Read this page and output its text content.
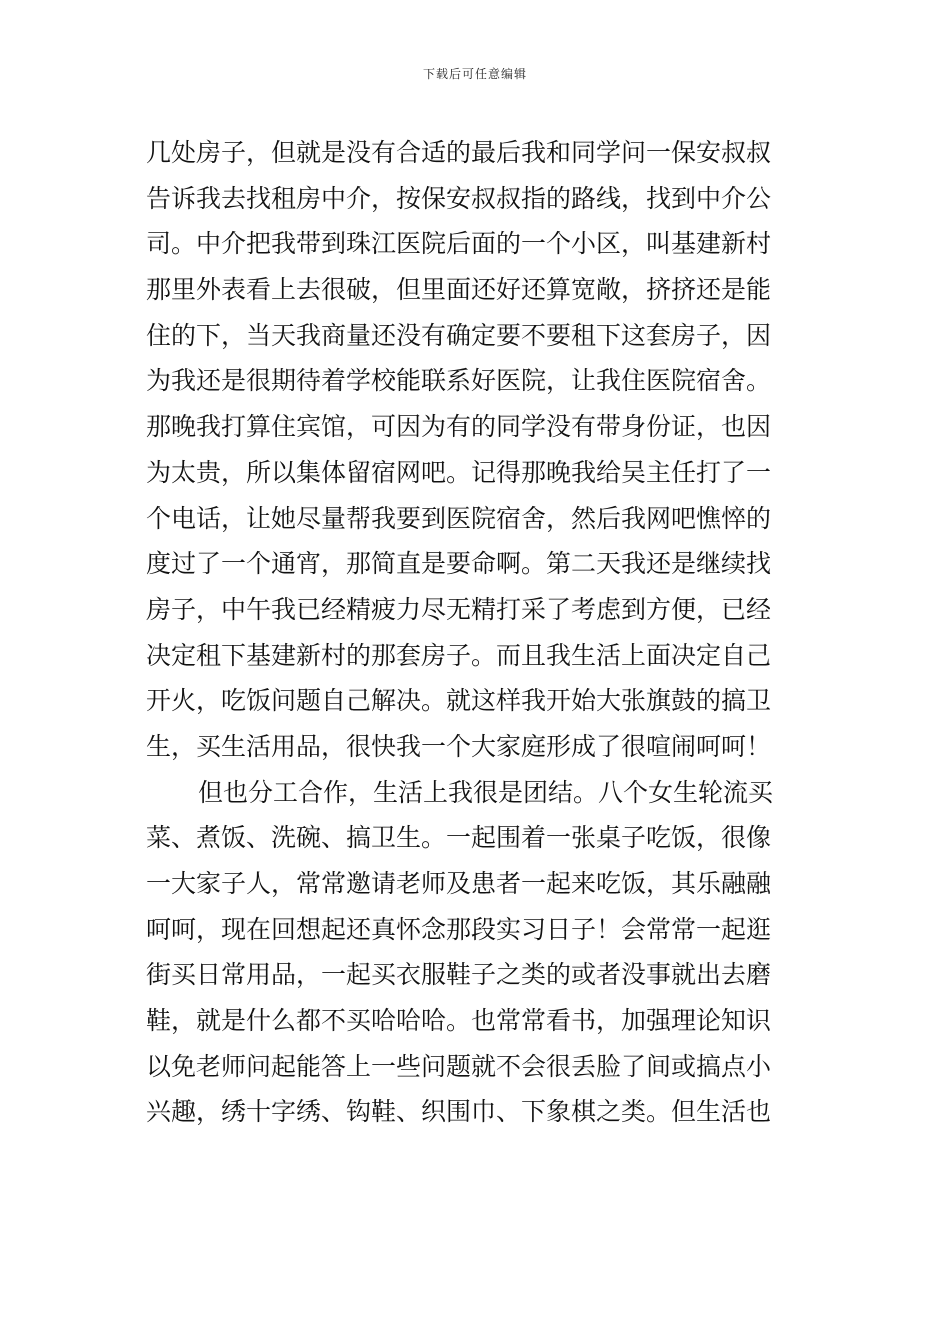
下载后可任意编辑
几处房子，但就是没有合适的最后我和同学问一保安叔叔
告诉我去找租房中介，按保安叔叔指的路线，找到中介公
司。中介把我带到珠江医院后面的一个小区，叫基建新村
那里外表看上去很破，但里面还好还算宽敞，挤挤还是能
住的下，当天我商量还没有确定要不要租下这套房子，因
为我还是很期待着学校能联系好医院，让我住医院宿舍。
那晚我打算住宾馆，可因为有的同学没有带身份证，也因
为太贵，所以集体留宿网吧。记得那晚我给吴主任打了一
个电话，让她尽量帮我要到医院宿舍，然后我网吧憔悴的
度过了一个通宵，那简直是要命啊。第二天我还是继续找
房子，中午我已经精疲力尽无精打采了考虑到方便，已经
决定租下基建新村的那套房子。而且我生活上面决定自己
开火，吃饭问题自己解决。就这样我开始大张旗鼓的搞卫
生，买生活用品，很快我一个大家庭形成了很喧闹呵呵！
但也分工合作，生活上我很是团结。八个女生轮流买
菜、煮饭、洗碗、搞卫生。一起围着一张桌子吃饭，很像
一大家子人，常常邀请老师及患者一起来吃饭，其乐融融
呵呵，现在回想起还真怀念那段实习日子！会常常一起逛
街买日常用品，一起买衣服鞋子之类的或者没事就出去磨
鞋，就是什么都不买哈哈哈。也常常看书，加强理论知识
以免老师问起能答上一些问题就不会很丢脸了间或搞点小
兴趣，绣十字绣、钩鞋、织围巾、下象棋之类。但生活也
